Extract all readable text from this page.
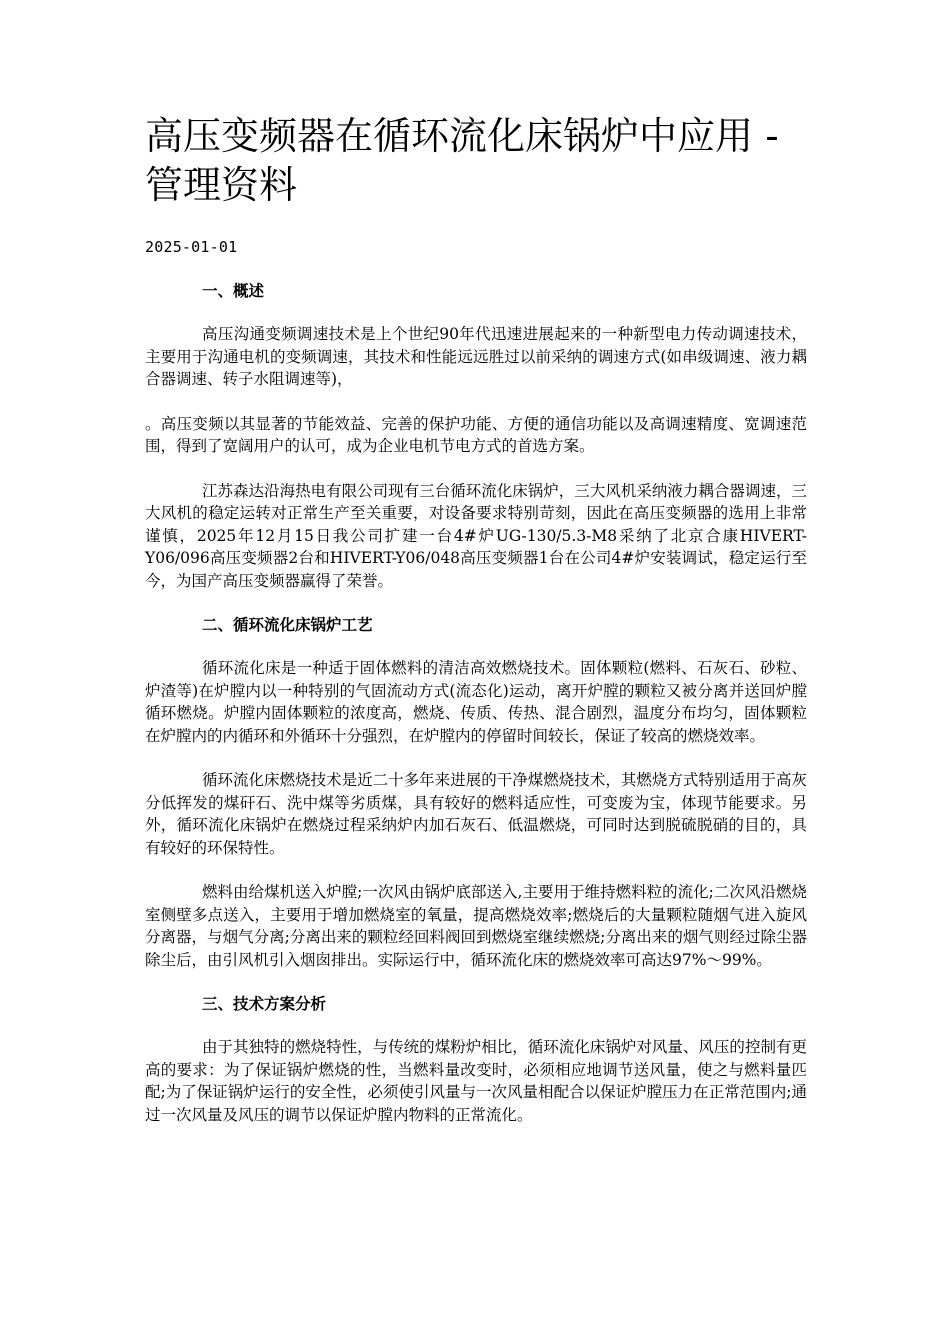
高压变频器在循环流化床锅炉中应用 - 管理资料
2025-01-01
一、概述

高压沟通变频调速技术是上个世纪90年代迅速进展起来的一种新型电力传动调速技术，主要用于沟通电机的变频调速，其技术和性能远远胜过以前采纳的调速方式(如串级调速、液力耦合器调速、转子水阻调速等)，

。高压变频以其显著的节能效益、完善的保护功能、方便的通信功能以及高调速精度、宽调速范围，得到了宽阔用户的认可，成为企业电机节电方式的首选方案。

江苏森达沿海热电有限公司现有三台循环流化床锅炉，三大风机采纳液力耦合器调速，三大风机的稳定运转对正常生产至关重要，对设备要求特别苛刻，因此在高压变频器的选用上非常谨慎，2025年12月15日我公司扩建一台4#炉UG-130/5.3-M8采纳了北京合康HIVERT-Y06/096高压变频器2台和HIVERT-Y06/048高压变频器1台在公司4#炉安装调试，稳定运行至今，为国产高压变频器赢得了荣誉。

二、循环流化床锅炉工艺

循环流化床是一种适于固体燃料的清洁高效燃烧技术。固体颗粒(燃料、石灰石、砂粒、炉渣等)在炉膛内以一种特别的气固流动方式(流态化)运动，离开炉膛的颗粒又被分离并送回炉膛循环燃烧。炉膛内固体颗粒的浓度高，燃烧、传质、传热、混合剧烈，温度分布均匀，固体颗粒在炉膛内的内循环和外循环十分强烈，在炉膛内的停留时间较长，保证了较高的燃烧效率。

循环流化床燃烧技术是近二十多年来进展的干净煤燃烧技术，其燃烧方式特别适用于高灰分低挥发的煤矸石、洗中煤等劣质煤，具有较好的燃料适应性，可变废为宝，体现节能要求。另外，循环流化床锅炉在燃烧过程采纳炉内加石灰石、低温燃烧，可同时达到脱硫脱硝的目的，具有较好的环保特性。

燃料由给煤机送入炉膛;一次风由锅炉底部送入,主要用于维持燃料粒的流化;二次风沿燃烧室侧壁多点送入，主要用于增加燃烧室的氧量，提高燃烧效率;燃烧后的大量颗粒随烟气进入旋风分离器，与烟气分离;分离出来的颗粒经回料阀回到燃烧室继续燃烧;分离出来的烟气则经过除尘器除尘后，由引风机引入烟囱排出。实际运行中，循环流化床的燃烧效率可高达97%～99%。

三、技术方案分析

由于其独特的燃烧特性，与传统的煤粉炉相比，循环流化床锅炉对风量、风压的控制有更高的要求：为了保证锅炉燃烧的性，当燃料量改变时，必须相应地调节送风量，使之与燃料量匹配;为了保证锅炉运行的安全性，必须使引风量与一次风量相配合以保证炉膛压力在正常范围内;通过一次风量及风压的调节以保证炉膛内物料的正常流化。
